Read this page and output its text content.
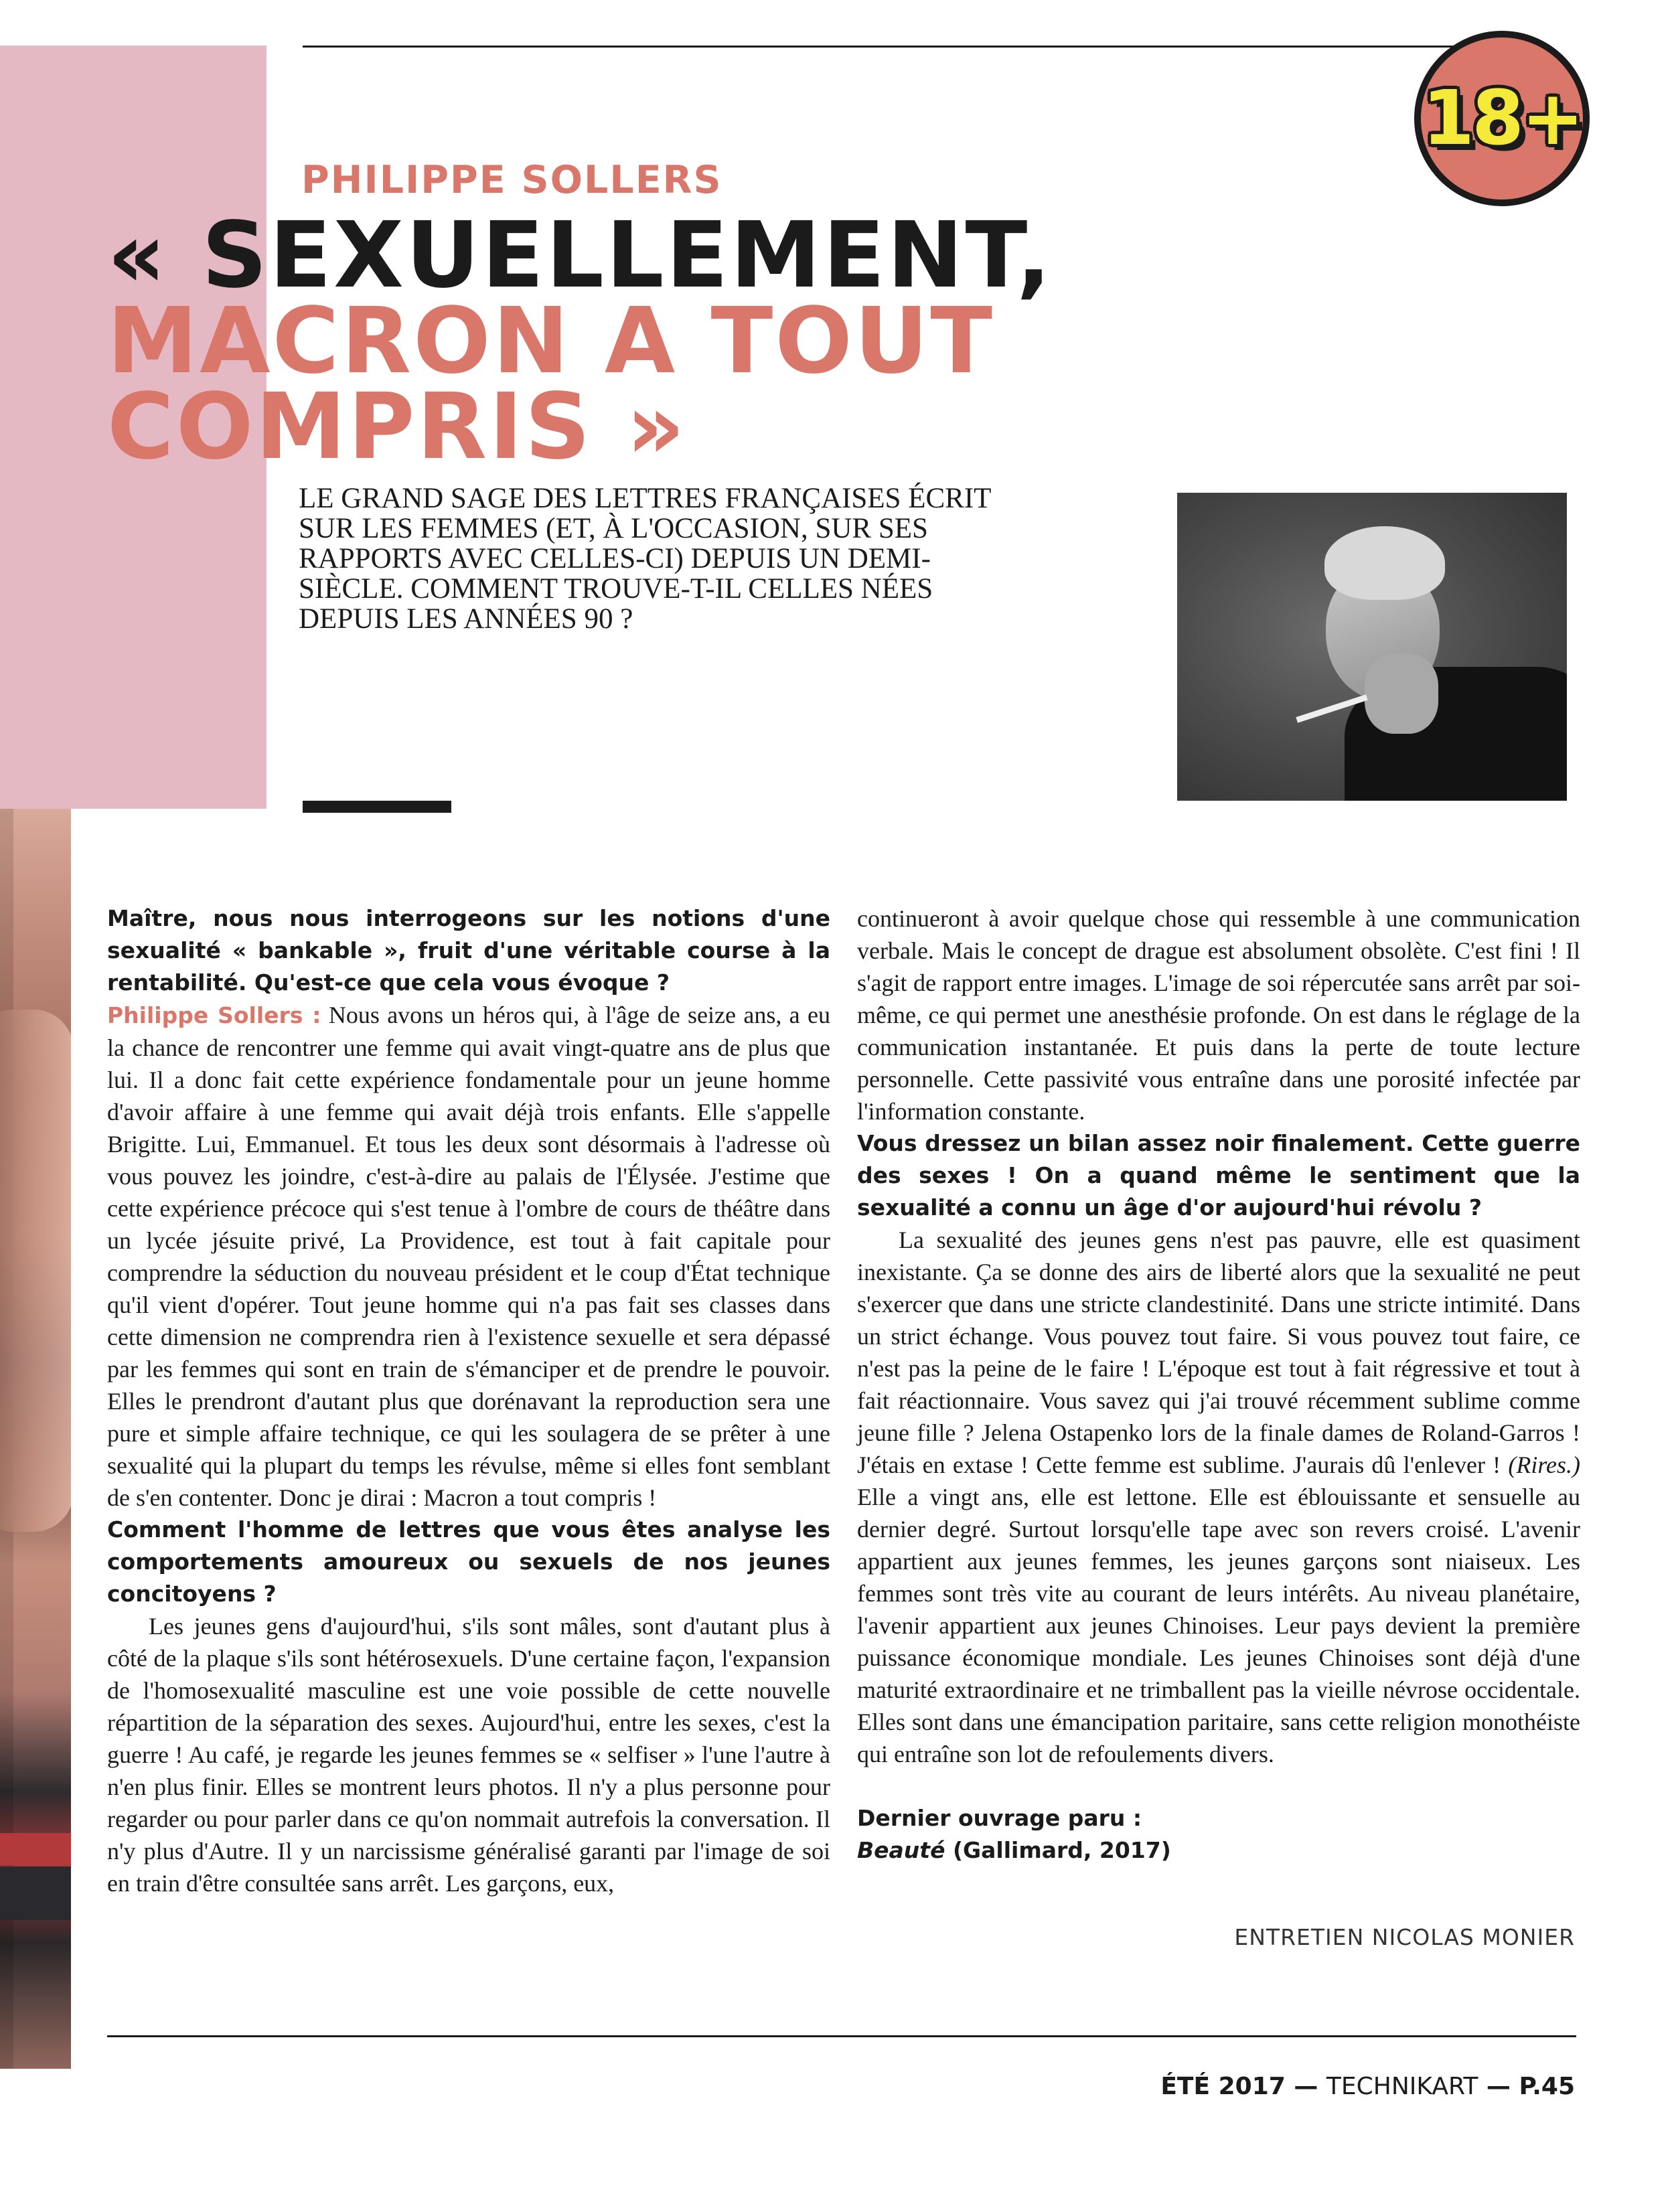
18+
PHILIPPE SOLLERS
« SEXUELLEMENT,
MACRON A TOUT
COMPRIS »

LE GRAND SAGE DES LETTRES FRANÇAISES ÉCRIT SUR LES FEMMES (ET, À L'OCCASION, SUR SES RAPPORTS AVEC CELLES-CI) DEPUIS UN DEMI-SIÈCLE. COMMENT TROUVE-T-IL CELLES NÉES DEPUIS LES ANNÉES 90 ?

Maître, nous nous interrogeons sur les notions d'une sexualité « bankable », fruit d'une véritable course à la rentabilité. Qu'est-ce que cela vous évoque ?

Philippe Sollers : Nous avons un héros qui, à l'âge de seize ans, a eu la chance de rencontrer une femme qui avait vingt-quatre ans de plus que lui. Il a donc fait cette expérience fondamentale pour un jeune homme d'avoir affaire à une femme qui avait déjà trois enfants. Elle s'appelle Brigitte. Lui, Emmanuel. Et tous les deux sont désormais à l'adresse où vous pouvez les joindre, c'est-à-dire au palais de l'Élysée. J'estime que cette expérience précoce qui s'est tenue à l'ombre de cours de théâtre dans un lycée jésuite privé, La Providence, est tout à fait capitale pour comprendre la séduction du nouveau président et le coup d'État technique qu'il vient d'opérer. Tout jeune homme qui n'a pas fait ses classes dans cette dimension ne comprendra rien à l'existence sexuelle et sera dépassé par les femmes qui sont en train de s'émanciper et de prendre le pouvoir. Elles le prendront d'autant plus que dorénavant la reproduction sera une pure et simple affaire technique, ce qui les soulagera de se prêter à une sexualité qui la plupart du temps les révulse, même si elles font semblant de s'en contenter. Donc je dirai : Macron a tout compris !

Comment l'homme de lettres que vous êtes analyse les comportements amoureux ou sexuels de nos jeunes concitoyens ?

Les jeunes gens d'aujourd'hui, s'ils sont mâles, sont d'autant plus à côté de la plaque s'ils sont hétérosexuels. D'une certaine façon, l'expansion de l'homosexualité masculine est une voie possible de cette nouvelle répartition de la séparation des sexes. Aujourd'hui, entre les sexes, c'est la guerre ! Au café, je regarde les jeunes femmes se « selfiser » l'une l'autre à n'en plus finir. Elles se montrent leurs photos. Il n'y a plus personne pour regarder ou pour parler dans ce qu'on nommait autrefois la conversation. Il n'y plus d'Autre. Il y un narcissisme généralisé garanti par l'image de soi en train d'être consultée sans arrêt. Les garçons, eux,

continueront à avoir quelque chose qui ressemble à une communication verbale. Mais le concept de drague est absolument obsolète. C'est fini ! Il s'agit de rapport entre images. L'image de soi répercutée sans arrêt par soi-même, ce qui permet une anesthésie profonde. On est dans le réglage de la communication instantanée. Et puis dans la perte de toute lecture personnelle. Cette passivité vous entraîne dans une porosité infectée par l'information constante.

Vous dressez un bilan assez noir finalement. Cette guerre des sexes ! On a quand même le sentiment que la sexualité a connu un âge d'or aujourd'hui révolu ?

La sexualité des jeunes gens n'est pas pauvre, elle est quasiment inexistante. Ça se donne des airs de liberté alors que la sexualité ne peut s'exercer que dans une stricte clandestinité. Dans une stricte intimité. Dans un strict échange. Vous pouvez tout faire. Si vous pouvez tout faire, ce n'est pas la peine de le faire ! L'époque est tout à fait régressive et tout à fait réactionnaire. Vous savez qui j'ai trouvé récemment sublime comme jeune fille ? Jelena Ostapenko lors de la finale dames de Roland-Garros ! J'étais en extase ! Cette femme est sublime. J'aurais dû l'enlever ! (Rires.) Elle a vingt ans, elle est lettone. Elle est éblouissante et sensuelle au dernier degré. Surtout lorsqu'elle tape avec son revers croisé. L'avenir appartient aux jeunes femmes, les jeunes garçons sont niaiseux. Les femmes sont très vite au courant de leurs intérêts. Au niveau planétaire, l'avenir appartient aux jeunes Chinoises. Leur pays devient la première puissance économique mondiale. Les jeunes Chinoises sont déjà d'une maturité extraordinaire et ne trimballent pas la vieille névrose occidentale. Elles sont dans une émancipation paritaire, sans cette religion monothéiste qui entraîne son lot de refoulements divers.

Dernier ouvrage paru :
Beauté (Gallimard, 2017)
ENTRETIEN NICOLAS MONIER
ÉTÉ 2017 — TECHNIKART — P.45
